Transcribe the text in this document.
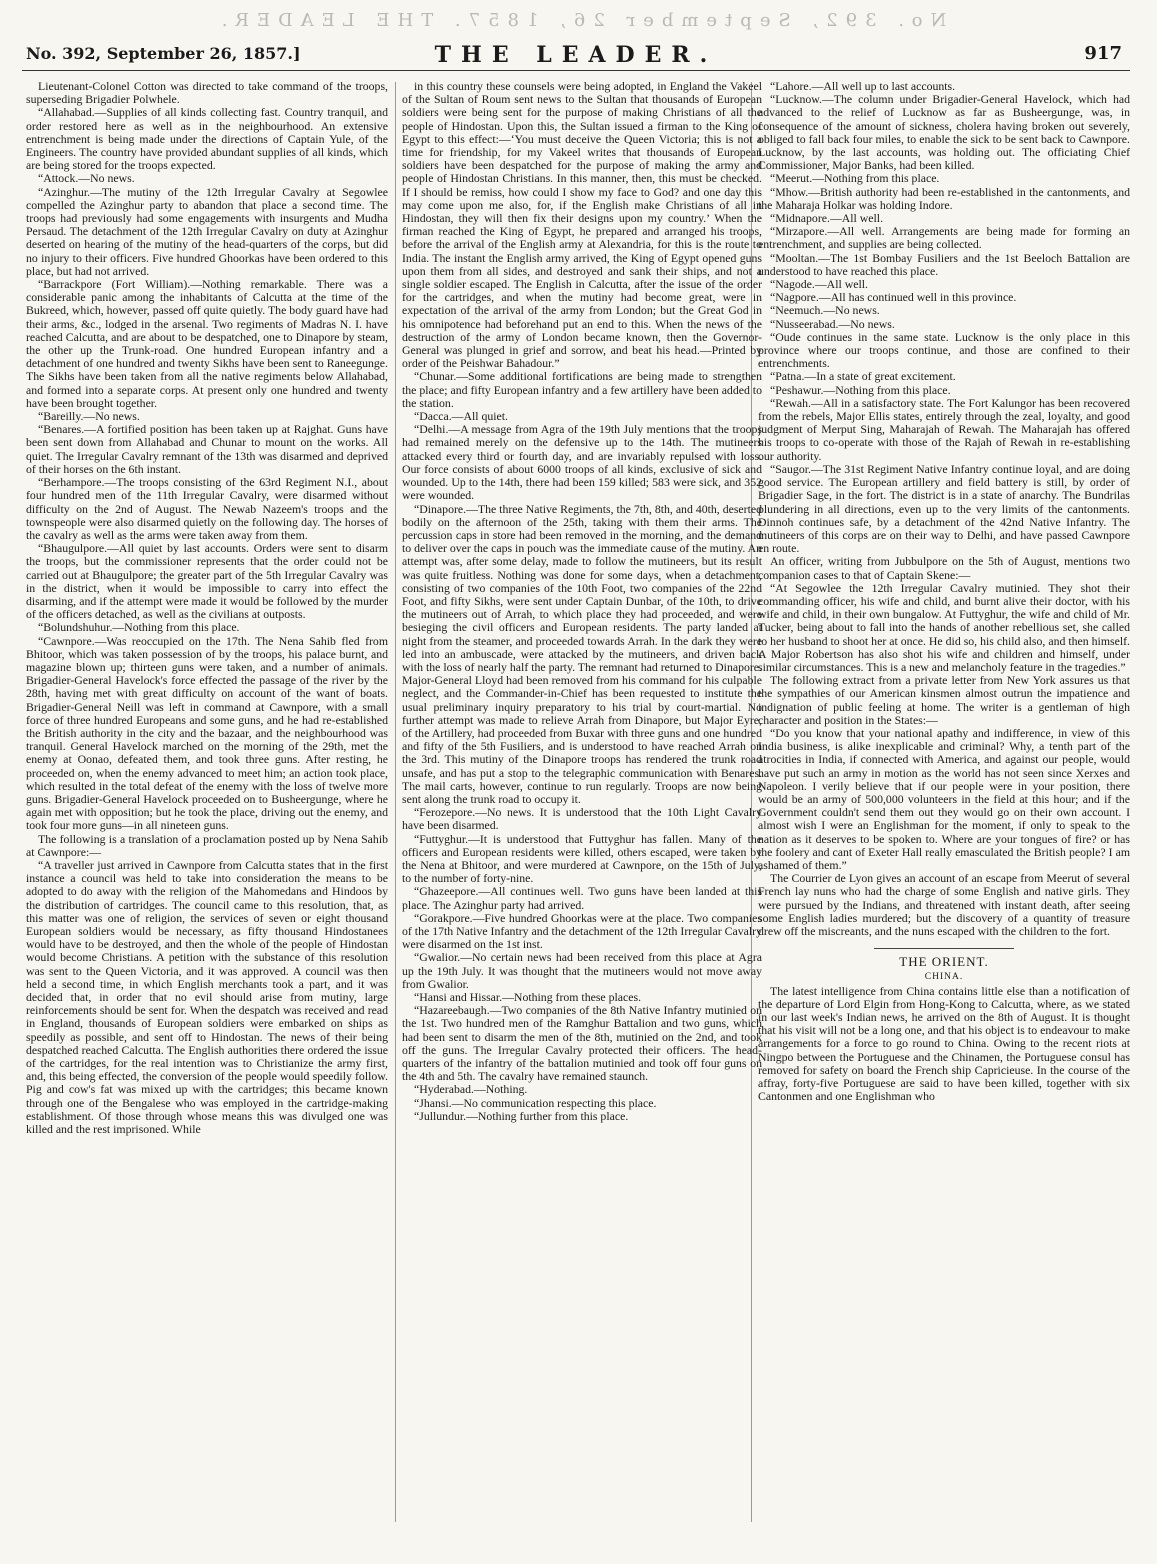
No. 392, September 26, 1857. THE LEADER.
No. 392, September 26, 1857.]	THE LEADER.	917

Lieutenant-Colonel Cotton was directed to take command of the troops, superseding Brigadier Polwhele.

“Allahabad.—Supplies of all kinds collecting fast. Country tranquil, and order restored here as well as in the neighbourhood. An extensive entrenchment is being made under the directions of Captain Yule, of the Engineers. The country have provided abundant supplies of all kinds, which are being stored for the troops expected.

“Attock.—No news.

“Azinghur.—The mutiny of the 12th Irregular Cavalry at Segowlee compelled the Azinghur party to abandon that place a second time. The troops had previously had some engagements with insurgents and Mudha Persaud. The detachment of the 12th Irregular Cavalry on duty at Azinghur deserted on hearing of the mutiny of the head-quarters of the corps, but did no injury to their officers. Five hundred Ghoorkas have been ordered to this place, but had not arrived.

“Barrackpore (Fort William).—Nothing remarkable. There was a considerable panic among the inhabitants of Calcutta at the time of the Bukreed, which, however, passed off quite quietly. The body guard have had their arms, &c., lodged in the arsenal. Two regiments of Madras N. I. have reached Calcutta, and are about to be despatched, one to Dinapore by steam, the other up the Trunk-road. One hundred European infantry and a detachment of one hundred and twenty Sikhs have been sent to Raneegunge. The Sikhs have been taken from all the native regiments below Allahabad, and formed into a separate corps. At present only one hundred and twenty have been brought together.

“Bareilly.—No news.

“Benares.—A fortified position has been taken up at Rajghat. Guns have been sent down from Allahabad and Chunar to mount on the works. All quiet. The Irregular Cavalry remnant of the 13th was disarmed and deprived of their horses on the 6th instant.

“Berhampore.—The troops consisting of the 63rd Regiment N.I., about four hundred men of the 11th Irregular Cavalry, were disarmed without difficulty on the 2nd of August. The Newab Nazeem's troops and the townspeople were also disarmed quietly on the following day. The horses of the cavalry as well as the arms were taken away from them.

“Bhaugulpore.—All quiet by last accounts. Orders were sent to disarm the troops, but the commissioner represents that the order could not be carried out at Bhaugulpore; the greater part of the 5th Irregular Cavalry was in the district, when it would be impossible to carry into effect the disarming, and if the attempt were made it would be followed by the murder of the officers detached, as well as the civilians at outposts.

“Bolundshuhur.—Nothing from this place.

“Cawnpore.—Was reoccupied on the 17th. The Nena Sahib fled from Bhitoor, which was taken possession of by the troops, his palace burnt, and magazine blown up; thirteen guns were taken, and a number of animals. Brigadier-General Havelock's force effected the passage of the river by the 28th, having met with great difficulty on account of the want of boats. Brigadier-General Neill was left in command at Cawnpore, with a small force of three hundred Europeans and some guns, and he had re-established the British authority in the city and the bazaar, and the neighbourhood was tranquil. General Havelock marched on the morning of the 29th, met the enemy at Oonao, defeated them, and took three guns. After resting, he proceeded on, when the enemy advanced to meet him; an action took place, which resulted in the total defeat of the enemy with the loss of twelve more guns. Brigadier-General Havelock proceeded on to Busheergunge, where he again met with opposition; but he took the place, driving out the enemy, and took four more guns—in all nineteen guns.

The following is a translation of a proclamation posted up by Nena Sahib at Cawnpore:—

“A traveller just arrived in Cawnpore from Calcutta states that in the first instance a council was held to take into consideration the means to be adopted to do away with the religion of the Mahomedans and Hindoos by the distribution of cartridges. The council came to this resolution, that, as this matter was one of religion, the services of seven or eight thousand European soldiers would be necessary, as fifty thousand Hindostanees would have to be destroyed, and then the whole of the people of Hindostan would become Christians. A petition with the substance of this resolution was sent to the Queen Victoria, and it was approved. A council was then held a second time, in which English merchants took a part, and it was decided that, in order that no evil should arise from mutiny, large reinforcements should be sent for. When the despatch was received and read in England, thousands of European soldiers were embarked on ships as speedily as possible, and sent off to Hindostan. The news of their being despatched reached Calcutta. The English authorities there ordered the issue of the cartridges, for the real intention was to Christianize the army first, and, this being effected, the conversion of the people would speedily follow. Pig and cow's fat was mixed up with the cartridges; this became known through one of the Bengalese who was employed in the cartridge-making establishment. Of those through whose means this was divulged one was killed and the rest imprisoned. While

in this country these counsels were being adopted, in England the Vakeel of the Sultan of Roum sent news to the Sultan that thousands of European soldiers were being sent for the purpose of making Christians of all the people of Hindostan. Upon this, the Sultan issued a firman to the King of Egypt to this effect:—‘You must deceive the Queen Victoria; this is not a time for friendship, for my Vakeel writes that thousands of European soldiers have been despatched for the purpose of making the army and people of Hindostan Christians. In this manner, then, this must be checked. If I should be remiss, how could I show my face to God? and one day this may come upon me also, for, if the English make Christians of all in Hindostan, they will then fix their designs upon my country.’ When the firman reached the King of Egypt, he prepared and arranged his troops, before the arrival of the English army at Alexandria, for this is the route to India. The instant the English army arrived, the King of Egypt opened guns upon them from all sides, and destroyed and sank their ships, and not a single soldier escaped. The English in Calcutta, after the issue of the order for the cartridges, and when the mutiny had become great, were in expectation of the arrival of the army from London; but the Great God in his omnipotence had beforehand put an end to this. When the news of the destruction of the army of London became known, then the Governor-General was plunged in grief and sorrow, and beat his head.—Printed by order of the Peishwar Bahadour.”

“Chunar.—Some additional fortifications are being made to strengthen the place; and fifty European infantry and a few artillery have been added to the station.

“Dacca.—All quiet.

“Delhi.—A message from Agra of the 19th July mentions that the troops had remained merely on the defensive up to the 14th. The mutineers attacked every third or fourth day, and are invariably repulsed with loss. Our force consists of about 6000 troops of all kinds, exclusive of sick and wounded. Up to the 14th, there had been 159 killed; 583 were sick, and 352 were wounded.

“Dinapore.—The three Native Regiments, the 7th, 8th, and 40th, deserted bodily on the afternoon of the 25th, taking with them their arms. The percussion caps in store had been removed in the morning, and the demand to deliver over the caps in pouch was the immediate cause of the mutiny. An attempt was, after some delay, made to follow the mutineers, but its result was quite fruitless. Nothing was done for some days, when a detachment, consisting of two companies of the 10th Foot, two companies of the 22nd Foot, and fifty Sikhs, were sent under Captain Dunbar, of the 10th, to drive the mutineers out of Arrah, to which place they had proceeded, and were besieging the civil officers and European residents. The party landed at night from the steamer, and proceeded towards Arrah. In the dark they were led into an ambuscade, were attacked by the mutineers, and driven back with the loss of nearly half the party. The remnant had returned to Dinapore. Major-General Lloyd had been removed from his command for his culpable neglect, and the Commander-in-Chief has been requested to institute the usual preliminary inquiry preparatory to his trial by court-martial. No further attempt was made to relieve Arrah from Dinapore, but Major Eyre, of the Artillery, had proceeded from Buxar with three guns and one hundred and fifty of the 5th Fusiliers, and is understood to have reached Arrah on the 3rd. This mutiny of the Dinapore troops has rendered the trunk road unsafe, and has put a stop to the telegraphic communication with Benares. The mail carts, however, continue to run regularly. Troops are now being sent along the trunk road to occupy it.

“Ferozepore.—No news. It is understood that the 10th Light Cavalry have been disarmed.

“Futtyghur.—It is understood that Futtyghur has fallen. Many of the officers and European residents were killed, others escaped, were taken by the Nena at Bhitoor, and were murdered at Cawnpore, on the 15th of July, to the number of forty-nine.

“Ghazeepore.—All continues well. Two guns have been landed at this place. The Azinghur party had arrived.

“Gorakpore.—Five hundred Ghoorkas were at the place. Two companies of the 17th Native Infantry and the detachment of the 12th Irregular Cavalry were disarmed on the 1st inst.

“Gwalior.—No certain news had been received from this place at Agra up the 19th July. It was thought that the mutineers would not move away from Gwalior.

“Hansi and Hissar.—Nothing from these places.

“Hazareebaugh.—Two companies of the 8th Native Infantry mutinied on the 1st. Two hundred men of the Ramghur Battalion and two guns, which had been sent to disarm the men of the 8th, mutinied on the 2nd, and took off the guns. The Irregular Cavalry protected their officers. The head-quarters of the infantry of the battalion mutinied and took off four guns on the 4th and 5th. The cavalry have remained staunch.

“Hyderabad.—Nothing.

“Jhansi.—No communication respecting this place.

“Jullundur.—Nothing further from this place.

“Lahore.—All well up to last accounts.

“Lucknow.—The column under Brigadier-General Havelock, which had advanced to the relief of Lucknow as far as Busheergunge, was, in consequence of the amount of sickness, cholera having broken out severely, obliged to fall back four miles, to enable the sick to be sent back to Cawnpore. Lucknow, by the last accounts, was holding out. The officiating Chief Commissioner, Major Banks, had been killed.

“Meerut.—Nothing from this place.

“Mhow.—British authority had been re-established in the cantonments, and the Maharaja Holkar was holding Indore.

“Midnapore.—All well.

“Mirzapore.—All well. Arrangements are being made for forming an entrenchment, and supplies are being collected.

“Mooltan.—The 1st Bombay Fusiliers and the 1st Beeloch Battalion are understood to have reached this place.

“Nagode.—All well.

“Nagpore.—All has continued well in this province.

“Neemuch.—No news.

“Nusseerabad.—No news.

“Oude continues in the same state. Lucknow is the only place in this province where our troops continue, and those are confined to their entrenchments.

“Patna.—In a state of great excitement.

“Peshawur.—Nothing from this place.

“Rewah.—All in a satisfactory state. The Fort Kalungor has been recovered from the rebels, Major Ellis states, entirely through the zeal, loyalty, and good judgment of Merput Sing, Maharajah of Rewah. The Maharajah has offered his troops to co-operate with those of the Rajah of Rewah in re-establishing our authority.

“Saugor.—The 31st Regiment Native Infantry continue loyal, and are doing good service. The European artillery and field battery is still, by order of Brigadier Sage, in the fort. The district is in a state of anarchy. The Bundrilas plundering in all directions, even up to the very limits of the cantonments. Dinnoh continues safe, by a detachment of the 42nd Native Infantry. The mutineers of this corps are on their way to Delhi, and have passed Cawnpore en route.

An officer, writing from Jubbulpore on the 5th of August, mentions two companion cases to that of Captain Skene:—

“At Segowlee the 12th Irregular Cavalry mutinied. They shot their commanding officer, his wife and child, and burnt alive their doctor, with his wife and child, in their own bungalow. At Futtyghur, the wife and child of Mr. Tucker, being about to fall into the hands of another rebellious set, she called to her husband to shoot her at once. He did so, his child also, and then himself. A Major Robertson has also shot his wife and children and himself, under similar circumstances. This is a new and melancholy feature in the tragedies.”

The following extract from a private letter from New York assures us that the sympathies of our American kinsmen almost outrun the impatience and indignation of public feeling at home. The writer is a gentleman of high character and position in the States:—

“Do you know that your national apathy and indifference, in view of this India business, is alike inexplicable and criminal? Why, a tenth part of the atrocities in India, if connected with America, and against our people, would have put such an army in motion as the world has not seen since Xerxes and Napoleon. I verily believe that if our people were in your position, there would be an army of 500,000 volunteers in the field at this hour; and if the Government couldn't send them out they would go on their own account. I almost wish I were an Englishman for the moment, if only to speak to the nation as it deserves to be spoken to. Where are your tongues of fire? or has the foolery and cant of Exeter Hall really emasculated the British people? I am ashamed of them.”

The Courrier de Lyon gives an account of an escape from Meerut of several French lay nuns who had the charge of some English and native girls. They were pursued by the Indians, and threatened with instant death, after seeing some English ladies murdered; but the discovery of a quantity of treasure drew off the miscreants, and the nuns escaped with the children to the fort.

THE ORIENT.
CHINA.

The latest intelligence from China contains little else than a notification of the departure of Lord Elgin from Hong-Kong to Calcutta, where, as we stated in our last week's Indian news, he arrived on the 8th of August. It is thought that his visit will not be a long one, and that his object is to endeavour to make arrangements for a force to go round to China. Owing to the recent riots at Ningpo between the Portuguese and the Chinamen, the Portuguese consul has removed for safety on board the French ship Capricieuse. In the course of the affray, forty-five Portuguese are said to have been killed, together with six Cantonmen and one Englishman who
